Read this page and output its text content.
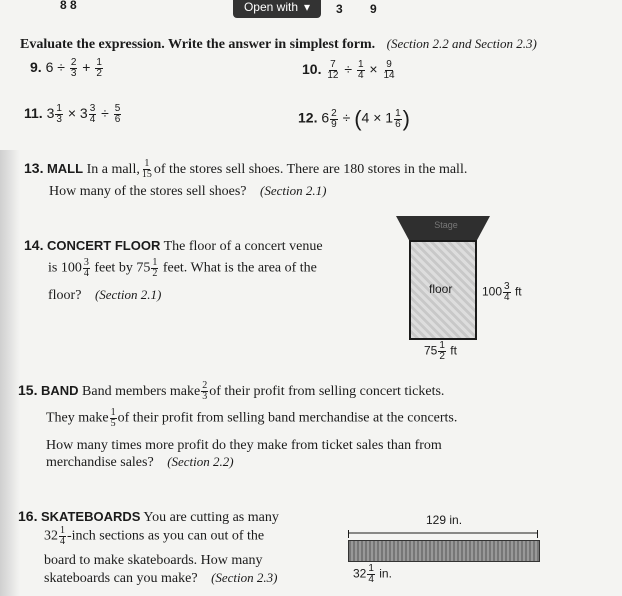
8 8	Open with ▾ 3 9
Evaluate the expression. Write the answer in simplest form. (Section 2.2 and Section 2.3)
9. $6 \div \frac{2}{3} + \frac{1}{2}$	10. $\frac{7}{12} \div \frac{1}{4} \times \frac{9}{14}$
11. $3 \frac{1}{3} \times 3 \frac{3}{4} \div \frac{5}{6}$	12. $6 \frac{2}{9} \div (4 \times 1 \frac{1}{6}$ )
13. MALL In a mall, $\frac{1}{15}$ of the stores sell shoes. There are 180 stores in the mall.
How many of the stores sell shoes? (Section 2.1)
14. CONCERT FLOOR The floor of a concert venue
is $100 \frac{3}{4}$ feet by $75 \frac{1}{2}$ feet. What is the area of the
floor? (Section 2.1)
Stage
floor $100 \frac{3}{4}$ ft
$75 \frac{1}{2}$ ft
15. BAND Band members make $\frac{2}{3}$ of their profit from selling concert tickets.
They make $\frac{1}{5}$ of their profit from selling band merchandise at the concerts.
How many times more profit do they make from ticket sales than from
merchandise sales? (Section 2.2)
16. SKATEBOARDS You are cutting as many
$32 \frac{1}{4}$ -inch sections as you can out of the
board to make skateboards. How many
skateboards can you make? (Section 2.3)
129 in.
$32 \frac{1}{4}$ in.
